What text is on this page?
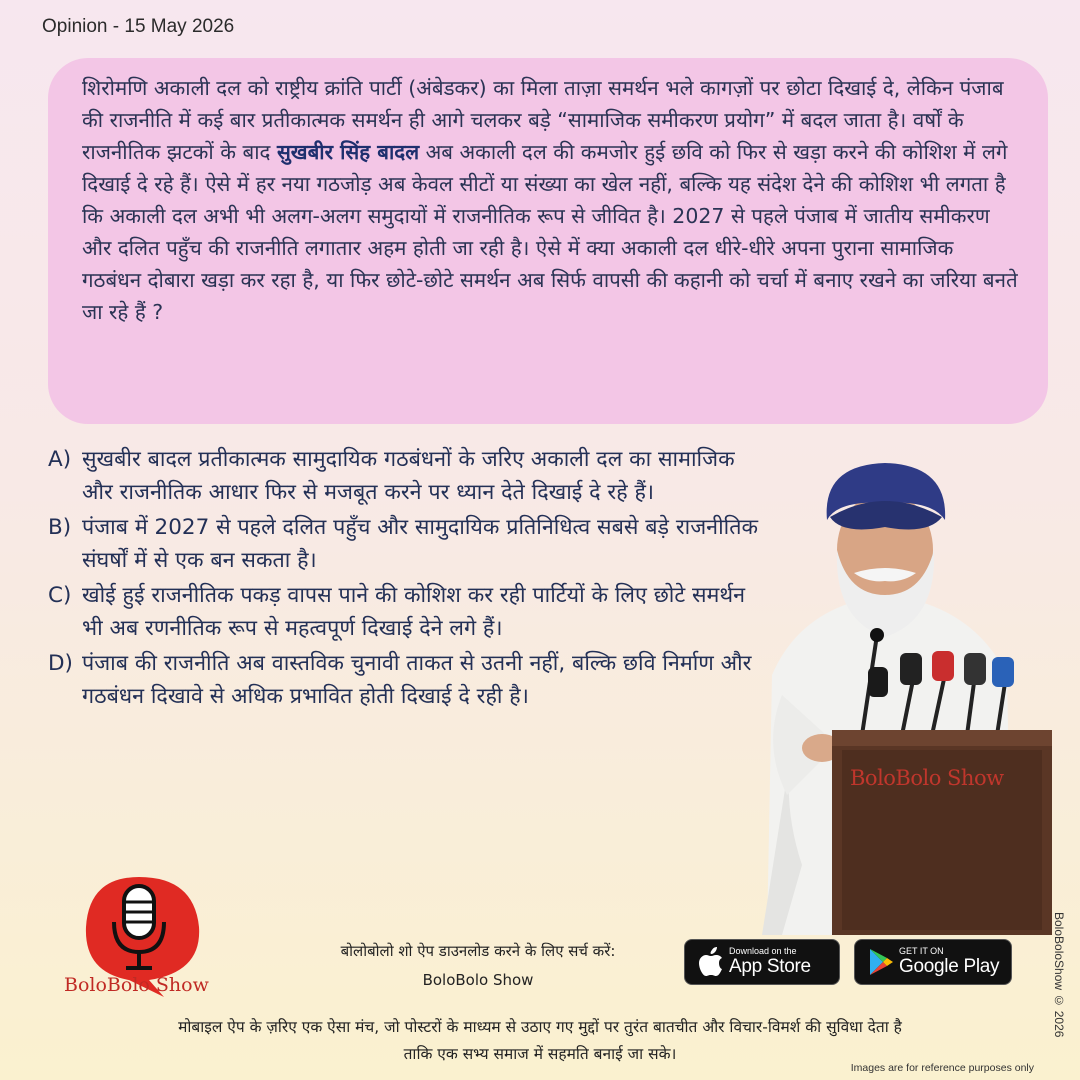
Opinion - 15 May 2026
शिरोमणि अकाली दल को राष्ट्रीय क्रांति पार्टी (अंबेडकर) का मिला ताज़ा समर्थन भले कागज़ों पर छोटा दिखाई दे, लेकिन पंजाब की राजनीति में कई बार प्रतीकात्मक समर्थन ही आगे चलकर बड़े “सामाजिक समीकरण प्रयोग” में बदल जाता है। वर्षों के राजनीतिक झटकों के बाद सुखबीर सिंह बादल अब अकाली दल की कमजोर हुई छवि को फिर से खड़ा करने की कोशिश में लगे दिखाई दे रहे हैं। ऐसे में हर नया गठजोड़ अब केवल सीटों या संख्या का खेल नहीं, बल्कि यह संदेश देने की कोशिश भी लगता है कि अकाली दल अभी भी अलग-अलग समुदायों में राजनीतिक रूप से जीवित है। 2027 से पहले पंजाब में जातीय समीकरण और दलित पहुँच की राजनीति लगातार अहम होती जा रही है। ऐसे में क्या अकाली दल धीरे-धीरे अपना पुराना सामाजिक गठबंधन दोबारा खड़ा कर रहा है, या फिर छोटे-छोटे समर्थन अब सिर्फ वापसी की कहानी को चर्चा में बनाए रखने का जरिया बनते जा रहे हैं ?
A) सुखबीर बादल प्रतीकात्मक सामुदायिक गठबंधनों के जरिए अकाली दल का सामाजिक और राजनीतिक आधार फिर से मजबूत करने पर ध्यान देते दिखाई दे रहे हैं।
B) पंजाब में 2027 से पहले दलित पहुँच और सामुदायिक प्रतिनिधित्व सबसे बड़े राजनीतिक संघर्षों में से एक बन सकता है।
C) खोई हुई राजनीतिक पकड़ वापस पाने की कोशिश कर रही पार्टियों के लिए छोटे समर्थन भी अब रणनीतिक रूप से महत्वपूर्ण दिखाई देने लगे हैं।
D) पंजाब की राजनीति अब वास्तविक चुनावी ताकत से उतनी नहीं, बल्कि छवि निर्माण और गठबंधन दिखावे से अधिक प्रभावित होती दिखाई दे रही है।
BoloBolo Show
BoloBoloShow © 2026
BoloBolo Show
बोलोबोलो शो ऐप डाउनलोड करने के लिए सर्च करें:
BoloBolo Show
Download on the
App Store
GET IT ON
Google Play
मोबाइल ऐप के ज़रिए एक ऐसा मंच, जो पोस्टरों के माध्यम से उठाए गए मुद्दों पर तुरंत बातचीत और विचार-विमर्श की सुविधा देता है
ताकि एक सभ्य समाज में सहमति बनाई जा सके।
Images are for reference purposes only
